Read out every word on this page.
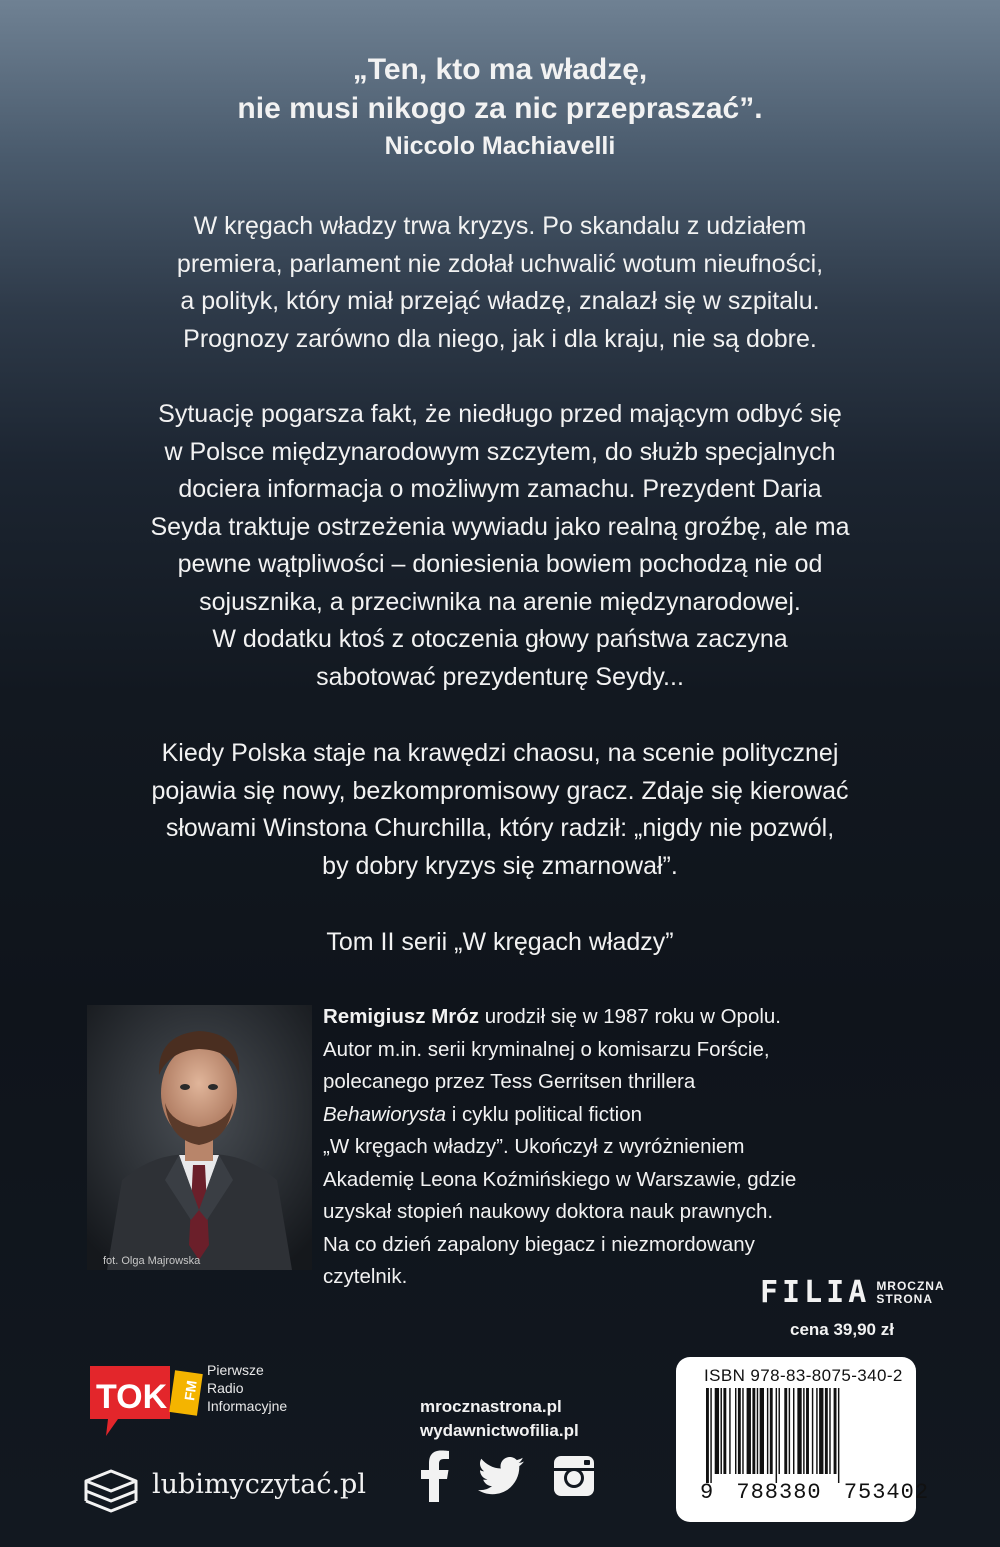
„Ten, kto ma władzę,
nie musi nikogo za nic przepraszać”.
Niccolo Machiavelli
W kręgach władzy trwa kryzys. Po skandalu z udziałem
premiera, parlament nie zdołał uchwalić wotum nieufności,
a polityk, który miał przejąć władzę, znalazł się w szpitalu.
Prognozy zarówno dla niego, jak i dla kraju, nie są dobre.
Sytuację pogarsza fakt, że niedługo przed mającym odbyć się
w Polsce międzynarodowym szczytem, do służb specjalnych
dociera informacja o możliwym zamachu. Prezydent Daria
Seyda traktuje ostrzeżenia wywiadu jako realną groźbę, ale ma
pewne wątpliwości – doniesienia bowiem pochodzą nie od
sojusznika, a przeciwnika na arenie międzynarodowej.
W dodatku ktoś z otoczenia głowy państwa zaczyna
sabotować prezydenturę Seydy...
Kiedy Polska staje na krawędzi chaosu, na scenie politycznej
pojawia się nowy, bezkompromisowy gracz. Zdaje się kierować
słowami Winstona Churchilla, który radził: „nigdy nie pozwól,
by dobry kryzys się zmarnował”.
Tom II serii „W kręgach władzy”
fot. Olga Majrowska
Remigiusz Mróz urodził się w 1987 roku w Opolu.
Autor m.in. serii kryminalnej o komisarzu Forście,
polecanego przez Tess Gerritsen thrillera
Behawiorysta i cyklu political fiction
„W kręgach władzy”. Ukończył z wyróżnieniem
Akademię Leona Koźmińskiego w Warszawie, gdzie
uzyskał stopień naukowy doktora nauk prawnych.
Na co dzień zapalony biegacz i niezmordowany
czytelnik.	FILIA MROCZNA
STRONA
cena 39,90 zł
ISBN 978-83-8075-340-2
9 788380 753402
TOK FM
Pierwsze
Radio
Informacyjne
lubimyczytać.pl
mrocznastrona.pl
wydawnictwofilia.pl
